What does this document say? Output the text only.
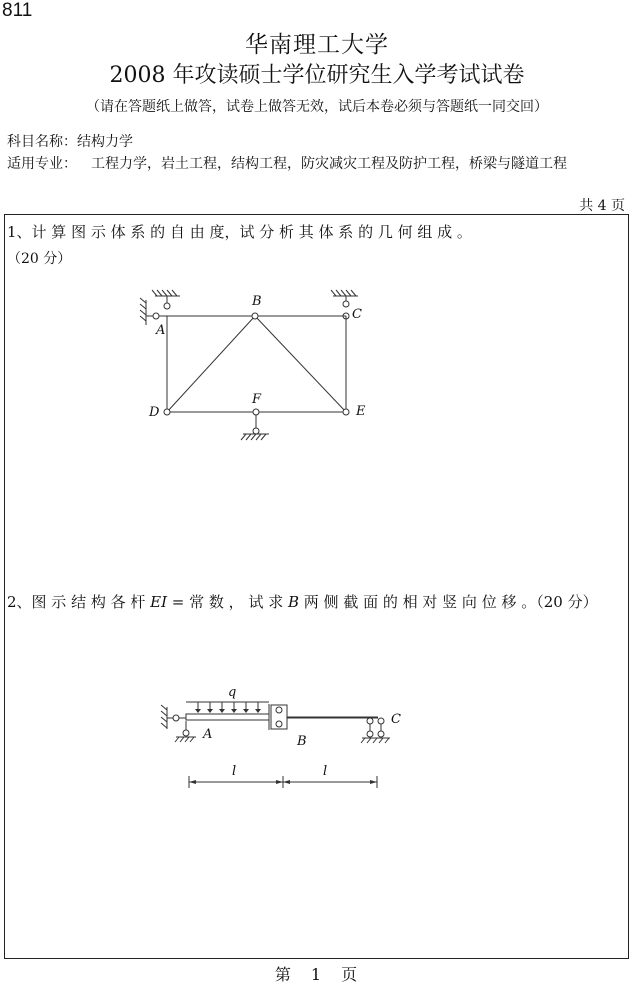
811
华南理工大学
2008 年攻读硕士学位研究生入学考试试卷
（请在答题纸上做答，试卷上做答无效，试后本卷必须与答题纸一同交回）
科目名称：结构力学
适用专业： 工程力学，岩土工程，结构工程，防灾减灾工程及防护工程，桥梁与隧道工程
共 4 页
1、计 算 图 示 体 系 的 自 由 度，试 分 析 其 体 系 的 几 何 组 成 。
（20 分）
B
C
A
D	E
F
2、图 示 结 构 各 杆 EI = 常 数 ， 试 求 B 两 侧 截 面 的 相 对 竖 向 位 移 。（20 分）
q
A	B
C
l	l
第　1　页
